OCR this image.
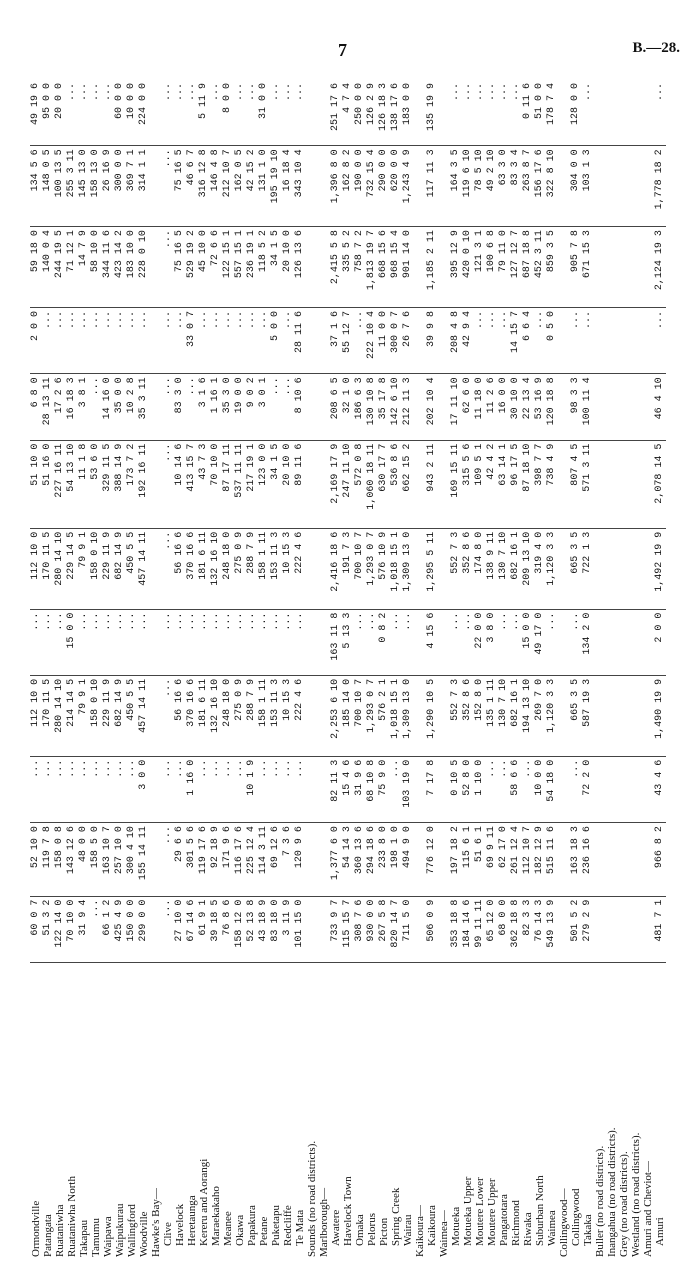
7	B.—28.
Ormondville	60 0 7	52 10 0	...	112 10 0	...	112 10 0	51 10 0	6 8 0	2 0 0	59 18 0	134 5 6	49 19 6
Patangata	51 3 2	119 7 8	...	170 11 5	...	170 11 5	51 16 0	28 13 11	...	140 0 4	148 0 5	95 0 0
Ruataniwha	122 14 0	158 0 8	...	280 14 10	...	280 14 10	227 16 11	17 2 6	...	244 19 5	100 13 5	20 0 0
Ruataniwha North	70 10 0	143 12 6	...	214 14 5	15 0 0	229 14 5	54 13 10	16 18 3	...	71 12 1	255 3 11	...
Takapau	31 9 4	48 0 0	...	79 9 1	...	79 9 1	11 1 8	3 8 1	...	14 7 9	145 13 0	...
Tamumu	...	158 5 0	...	158 0 10	...	158 0 10	53 6 0	...	...	58 10 0	158 13 0	...
Waipawa	66 1 2	163 10 7	...	229 11 9	...	229 11 9	329 11 5	14 16 0	...	344 11 6	26 16 9	...
Waipukurau	425 4 9	257 10 0	...	682 14 9	...	682 14 9	388 14 9	35 0 0	...	423 14 2	300 0 0	60 0 0
Wallingford	150 0 0	300 4 10	...	450 5 5	...	450 5 5	173 7 2	10 2 8	...	183 10 0	369 7 1	10 0 0
Woodville	299 0 0	155 14 11	3 0 0	457 14 11	...	457 14 11	192 16 11	35 3 11	...	228 0 10	314 1 1	224 0 0
Hawke's Bay—												
Clive	...	...	...	...	...	...	...	...	...	...	...	...
Havelock	27 10 0	29 6 6	...	56 16 6	...	56 16 6	10 14 6	83 3 0	...	75 16 5	75 16 5	...
Heretaunga	67 14 6	301 5 6	1 16 0	370 16 6	...	370 16 6	413 15 7	...	33 0 7	529 19 2	46 6 7	...
Kereru and Aorangi	61 9 1	119 17 6	...	181 6 11	...	181 6 11	43 7 3	3 1 6	...	45 10 0	316 12 8	5 11 9
Maraekakaho	39 18 5	92 18 9	...	132 16 10	...	132 16 10	70 10 0	1 16 1	...	72 6 6	146 4 8	...
Meanee	76 8 6	171 9 6	...	248 18 0	...	248 18 0	87 17 11	35 3 0	...	122 15 1	212 10 7	8 0 0
Okawa	158 12 0	116 17 6	...	275 0 9	...	275 0 9	537 11 11	19 0 0	...	557 15 1	162 0 5	...
Papakura	52 13 8	225 12 4	10 1 9	288 7 9	...	288 7 9	217 19 1	9 0 2	...	236 19 1	42 15 2	...
Petane	43 18 9	114 3 11	...	158 1 11	...	158 1 11	123 0 0	3 0 1	...	118 5 2	131 1 0	31 0 0
Puketapu	83 18 0	69 12 6	...	153 11 3	...	153 11 3	34 1 5	...	5 0 0	34 1 5	195 19 10	...
Redcliffe	3 11 9	7 3 6	...	10 15 3	...	10 15 3	20 10 0	...	...	20 10 0	16 18 4	...
Te Mata	101 15 0	120 9 6	...	222 4 6	...	222 4 6	89 11 6	8 10 6	28 11 6	126 13 6	343 10 4	...
Sounds (no road districts).												
Marlborough—												
Awatere	733 9 7	1,377 6 0	82 11 3	2,253 6 10	163 11 8	2,416 18 6	2,169 17 9	208 6 5	37 1 6	2,415 5 8	1,396 8 0	251 17 6
Havelock Town	115 15 7	54 14 3	15 4 6	185 14 0	5 13 3	191 7 3	247 11 10	32 1 0	55 12 7	335 5 2	162 8 2	4 7 4
Omaka	308 7 6	360 13 6	31 9 6	700 10 7	...	700 10 7	572 0 8	186 6 3	...	758 7 2	190 0 0	250 0 0
Pelorus	930 0 0	294 18 6	68 10 8	1,293 0 7	...	1,293 0 7	1,060 18 11	130 10 8	222 10 4	1,813 19 7	732 15 4	126 2 9
Picton	267 5 8	233 8 0	75 9 0	576 2 1	0 8 2	576 10 9	630 17 7	35 17 8	11 0 0	668 15 6	290 0 0	126 18 3
Spring Creek	820 14 7	198 1 0	...	1,018 15 1	...	1,018 15 1	536 8 6	142 6 10	300 0 7	968 15 4	620 0 0	138 17 6
Wairau	711 5 0	494 9 0	103 19 0	1,309 13 0	...	1,309 13 0	662 15 2	212 11 3	26 7 6	901 14 0	1,243 4 9	183 0 0
Kaikoura—												
Kaikoura	506 0 9	776 12 0	7 17 8	1,290 10 5	4 15 6	1,295 5 11	943 2 11	202 10 4	39 9 8	1,185 2 11	117 11 3	135 19 9
Waimea—												
Motueka	353 18 8	197 18 2	0 10 5	552 7 3	...	552 7 3	169 15 11	17 11 10	208 4 8	395 12 9	164 3 5	...
Motueka Upper	184 14 6	115 6 1	52 8 0	352 8 6	...	352 8 6	315 5 6	62 6 0	42 9 4	420 0 10	119 6 10	...
Moutere Lower	99 11 11	51 6 1	1 10 0	152 8 0	22 0 0	174 8 0	109 5 1	11 18 0	...	121 3 1	78 5 10	...
Moutere Upper	65 12 0	69 9 11	...	135 1 11	3 8 0	138 9 11	42 4 2	11 2 6	...	100 6 8	49 2 10	...
Pangatotara	68 0 0	62 17 0	...	130 7 10	...	130 7 10	63 14 1	16 0 0	...	79 11 0	63 3 0	...
Richmond	362 18 8	261 12 4	58 6 6	682 16 1	...	682 16 1	96 17 5	30 10 0	14 15 7	127 12 7	83 3 4	...
Riwaka	82 3 3	112 10 7	...	194 13 10	15 0 0	209 13 10	87 18 10	22 13 4	6 6 4	687 18 8	263 8 7	0 11 6
Suburban North	76 14 3	182 12 9	10 0 0	269 7 0	49 17 0	319 4 0	398 7 7	53 16 9	...	452 3 11	156 17 6	51 0 0
Waimea	549 13 9	515 11 6	54 18 0	1,120 3 3	...	1,120 3 3	738 4 9	120 18 8	0 5 0	859 3 5	322 8 10	178 7 4
Collingwood—												
Collingwood	501 5 2	163 18 3	...	665 3 5	...	665 3 5	807 4 5	98 3 3	...	905 7 8	304 0 0	128 0 0
Takaka	279 2 9	236 16 6	72 2 0	587 19 3	134 2 0	722 1 3	571 3 11	100 11 4	...	671 15 3	103 1 3	...
Buller (no road districts).												
Inangahua (no road districts).												
Grey (no road districts).												
Westland (no road districts).												
Amuri and Cheviot—												
Amuri	481 7 1	966 8 2	43 4 6	1,490 19 9	2 0 0	1,492 19 9	2,078 14 5	46 4 10	...	2,124 19 3	1,778 18 2	...
